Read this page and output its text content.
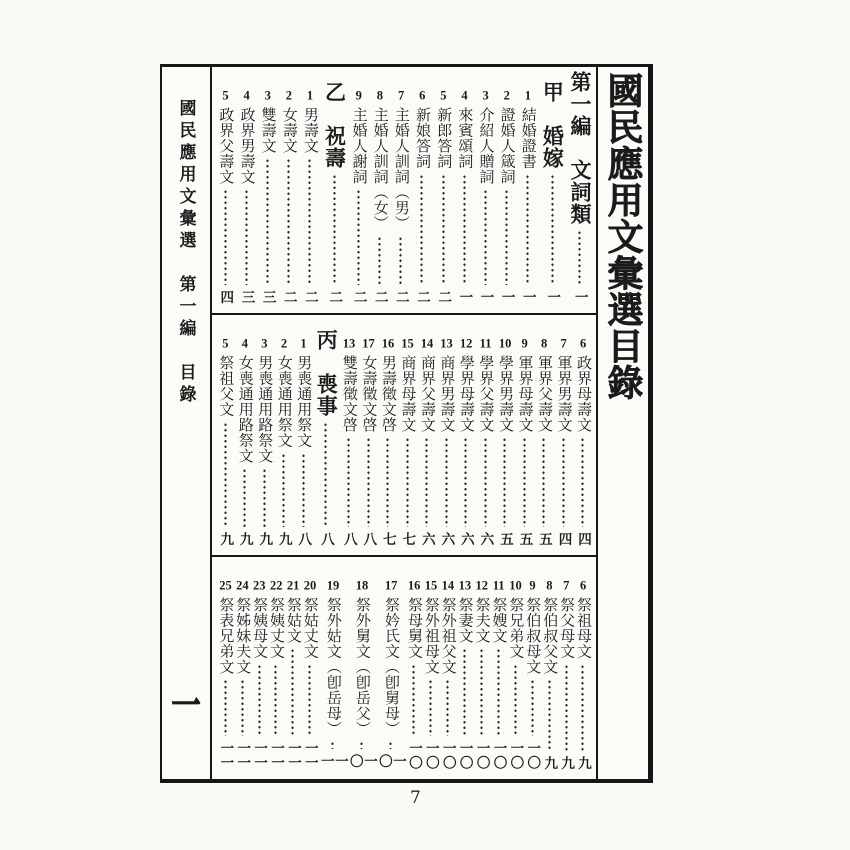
國民應用文彙選　第一編　目錄
一
第一編　文詞類
一
甲　婚嫁
一
1
結婚證書
一
2
證婚人箴詞
一
3
介紹人贈詞
一
4
來賓頌詞
一
5
新郎答詞
二
6
新娘答詞
二
7
主婚人訓詞︵男︶
二
8
主婚人訓詞︵女︶
二
9
主婚人謝詞
二
乙　祝壽
二
1
男壽文
二
2
女壽文
二
3
雙壽文
三
4
政界男壽文
三
5
政界父壽文
四
6
政界母壽文
四
7
軍界男壽文
四
8
軍界父壽文
五
9
軍界母壽文
五
10
學界男壽文
五
11
學界父壽文
六
12
學界母壽文
六
13
商界男壽文
六
14
商界父壽文
六
15
商界母壽文
七
16
男壽徵文啓
七
17
女壽徵文啓
八
13
雙壽徵文啓
八
丙　喪事
八
1
男喪通用祭文
八
2
女喪通用祭文
九
3
男喪通用路祭文
九
4
女喪通用路祭文
九
5
祭祖父文
九
6
祭祖母文
九
7
祭父母文
九
8
祭伯叔父文
九
9
祭伯叔母文
一〇
10
祭兄弟文
一〇
11
祭嫂文
一〇
12
祭夫文
一〇
13
祭妻文
一〇
14
祭外祖父文
一〇
15
祭外祖母文
一〇
16
祭母舅文
一〇
17
祭妗氏文︵卽舅母︶
一〇
18
祭外舅文︵卽岳父︶
一〇
19
祭外姑文︵卽岳母︶
一一
20
祭姑丈文
一一
21
祭姑文
一一
22
祭姨丈文
一一
23
祭姨母文
一一
24
祭姊妹夫文
一一
25
祭表兄弟文
一一
國民應用文彙選目錄
7
